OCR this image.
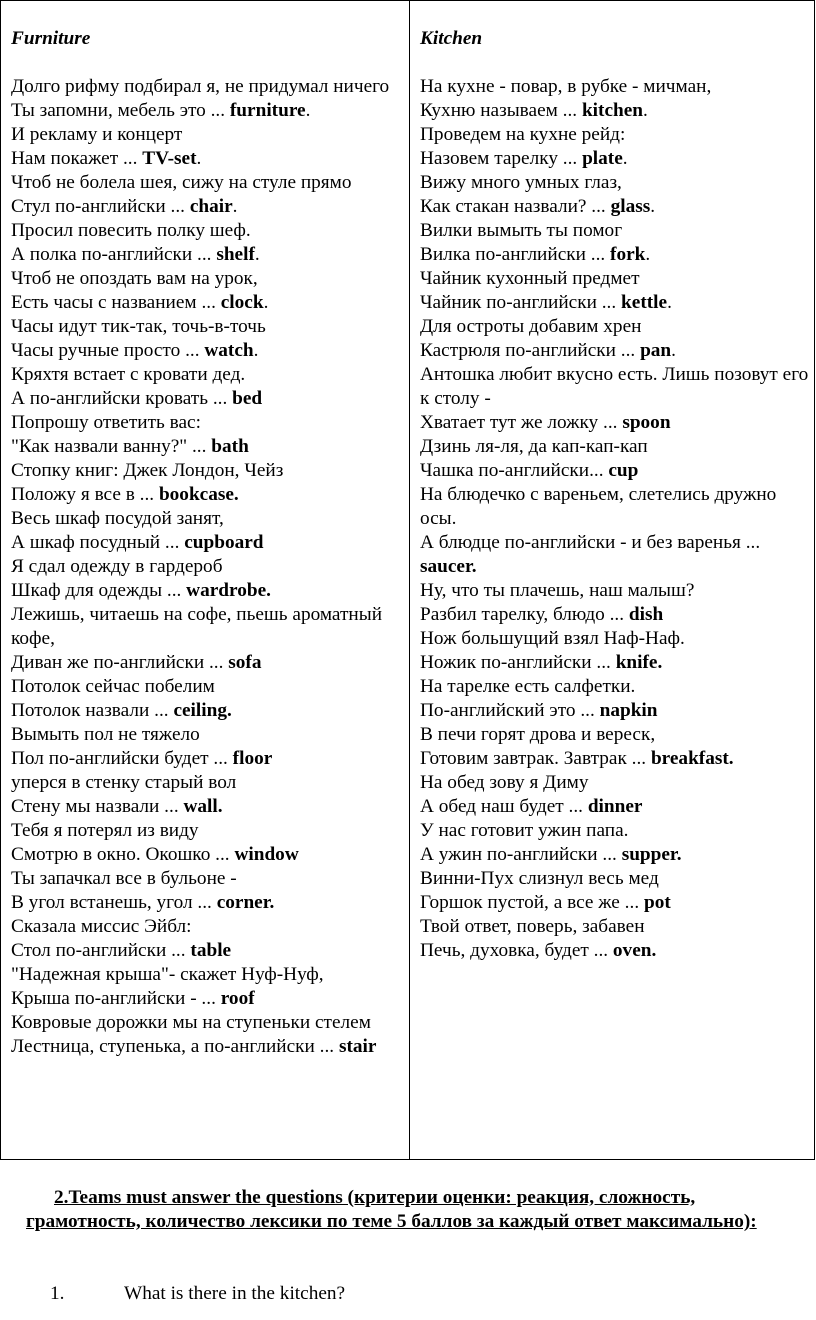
Furniture
Долго рифму подбирал я, не придумал ничего
Ты запомни, мебель это ... furniture.
И рекламу и концерт
Нам покажет ... TV-set.
Чтоб не болела шея, сижу на стуле прямо
Стул по-английски ... chair.
Просил повесить полку шеф.
А полка по-английски ... shelf.
Чтоб не опоздать вам на урок,
Есть часы с названием ... clock.
Часы идут тик-так, точь-в-точь
Часы ручные просто ... watch.
Кряхтя встает с кровати дед.
А по-английски кровать ... bed
Попрошу ответить вас:
"Как назвали ванну?" ... bath
Стопку книг: Джек Лондон, Чейз
Положу я все в ... bookcase.
Весь шкаф посудой занят,
А шкаф посудный ... cupboard
Я сдал одежду в гардероб
Шкаф для одежды ... wardrobe.
Лежишь, читаешь на софе, пьешь ароматный кофе,
Диван же по-английски ... sofa
Потолок сейчас побелим
Потолок назвали ... ceiling.
Вымыть пол не тяжело
Пол по-английски будет ... floor
уперся в стенку старый вол
Стену мы назвали ... wall.
Тебя я потерял из виду
Смотрю в окно. Окошко ... window
Ты запачкал все в бульоне -
В угол встанешь, угол ... corner.
Сказала миссис Эйбл:
Стол по-английски ... table
"Надежная крыша"- скажет Нуф-Нуф,
Крыша по-английски - ... roof
Ковровые дорожки мы на ступеньки стелем
Лестница, ступенька, а по-английски ... stair

Kitchen
На кухне - повар, в рубке - мичман,
Кухню называем ... kitchen.
Проведем на кухне рейд:
Назовем тарелку ... plate.
Вижу много умных глаз,
Как стакан назвали? ... glass.
Вилки вымыть ты помог
Вилка по-английски ... fork.
Чайник кухонный предмет
Чайник по-английски ... kettle.
Для остроты добавим хрен
Кастрюля по-английски ... pan.
Антошка любит вкусно есть. Лишь позовут его к столу -
Хватает тут же ложку ... spoon
Дзинь ля-ля, да кап-кап-кап
Чашка по-английски... cup
На блюдечко с вареньем, слетелись дружно осы.
А блюдце по-английски - и без варенья ... saucer.
Ну, что ты плачешь, наш малыш?
Разбил тарелку, блюдо ... dish
Нож большущий взял Наф-Наф.
Ножик по-английски ... knife.
На тарелке есть салфетки.
По-английский это ... napkin
В печи горят дрова и вереск,
Готовим завтрак. Завтрак ... breakfast.
На обед зову я Диму
А обед наш будет ... dinner
У нас готовит ужин папа.
А ужин по-английски ... supper.
Винни-Пух слизнул весь мед
Горшок пустой, а все же ... pot
Твой ответ, поверь, забавен
Печь, духовка, будет ... oven.
2.Teams must answer the questions (критерии оценки: реакция, сложность, грамотность, количество лексики по теме 5 баллов за каждый ответ максимально):
1.	What is there in the kitchen?
